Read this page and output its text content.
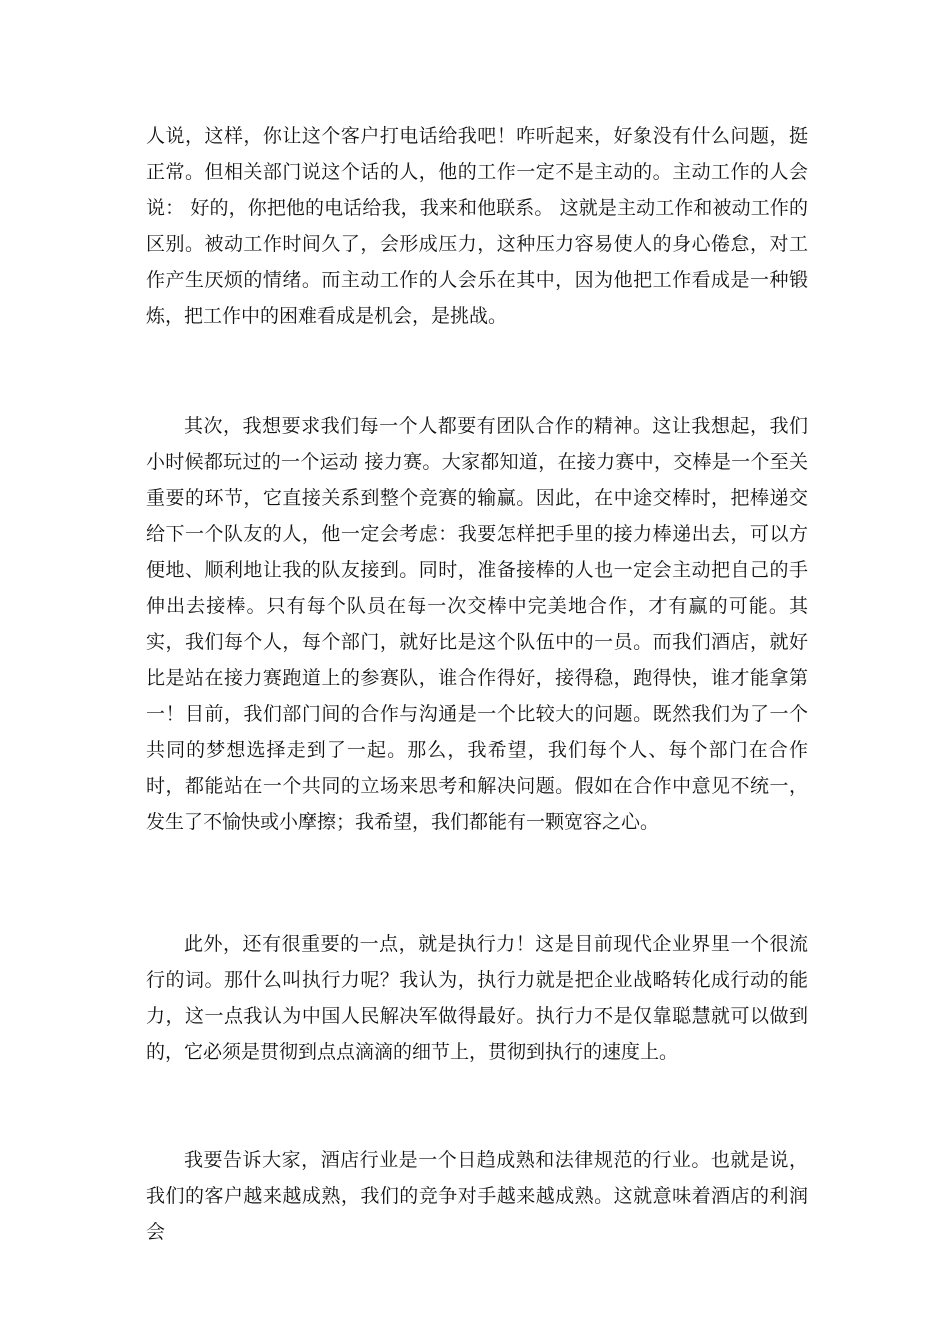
人说，这样，你让这个客户打电话给我吧！咋听起来，好象没有什么问题，挺正常。但相关部门说这个话的人，他的工作一定不是主动的。主动工作的人会说： 好的，你把他的电话给我，我来和他联系。 这就是主动工作和被动工作的区别。被动工作时间久了，会形成压力，这种压力容易使人的身心倦怠，对工作产生厌烦的情绪。而主动工作的人会乐在其中，因为他把工作看成是一种锻炼，把工作中的困难看成是机会，是挑战。

其次，我想要求我们每一个人都要有团队合作的精神。这让我想起，我们小时候都玩过的一个运动 接力赛。大家都知道，在接力赛中，交棒是一个至关重要的环节，它直接关系到整个竞赛的输赢。因此，在中途交棒时，把棒递交给下一个队友的人，他一定会考虑：我要怎样把手里的接力棒递出去，可以方便地、顺利地让我的队友接到。同时，准备接棒的人也一定会主动把自己的手伸出去接棒。只有每个队员在每一次交棒中完美地合作，才有赢的可能。其实，我们每个人，每个部门，就好比是这个队伍中的一员。而我们酒店，就好比是站在接力赛跑道上的参赛队，谁合作得好，接得稳，跑得快，谁才能拿第一！目前，我们部门间的合作与沟通是一个比较大的问题。既然我们为了一个共同的梦想选择走到了一起。那么，我希望，我们每个人、每个部门在合作时，都能站在一个共同的立场来思考和解决问题。假如在合作中意见不统一，发生了不愉快或小摩擦；我希望，我们都能有一颗宽容之心。

此外，还有很重要的一点，就是执行力！这是目前现代企业界里一个很流行的词。那什么叫执行力呢？我认为，执行力就是把企业战略转化成行动的能力，这一点我认为中国人民解决军做得最好。执行力不是仅靠聪慧就可以做到的，它必须是贯彻到点点滴滴的细节上，贯彻到执行的速度上。

我要告诉大家，酒店行业是一个日趋成熟和法律规范的行业。也就是说，我们的客户越来越成熟，我们的竞争对手越来越成熟。这就意味着酒店的利润会
